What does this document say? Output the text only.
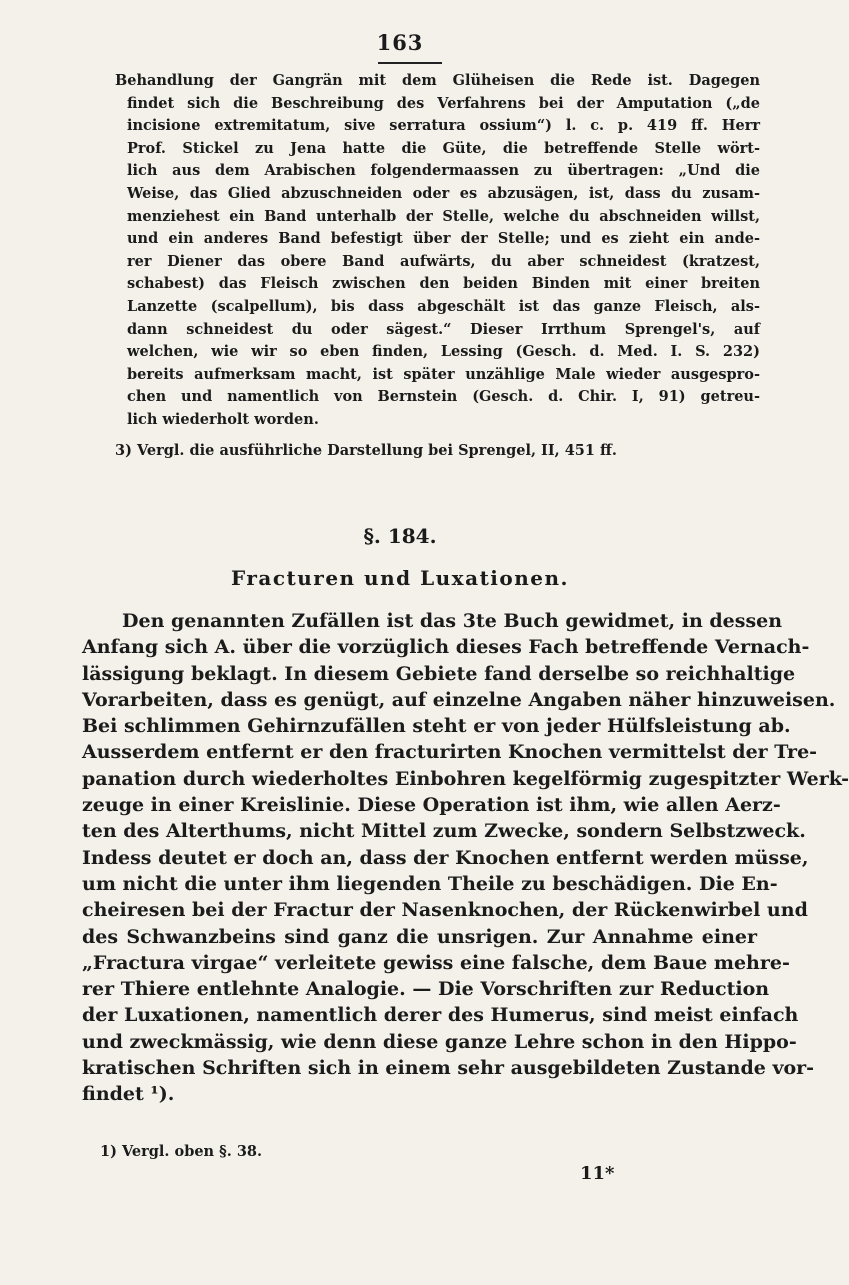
163
Behandlung der Gangrän mit dem Glüheisen die Rede ist. Dagegen
findet sich die Beschreibung des Verfahrens bei der Amputation („de
incisione extremitatum, sive serratura ossium“) l. c. p. 419 ff. Herr
Prof. Stickel zu Jena hatte die Güte, die betreffende Stelle wört-
lich aus dem Arabischen folgendermaassen zu übertragen: „Und die
Weise, das Glied abzuschneiden oder es abzusägen, ist, dass du zusam-
menziehest ein Band unterhalb der Stelle, welche du abschneiden willst,
und ein anderes Band befestigt über der Stelle; und es zieht ein ande-
rer Diener das obere Band aufwärts, du aber schneidest (kratzest,
schabest) das Fleisch zwischen den beiden Binden mit einer breiten
Lanzette (scalpellum), bis dass abgeschält ist das ganze Fleisch, als-
dann schneidest du oder sägest.“ Dieser Irrthum Sprengel's, auf
welchen, wie wir so eben finden, Lessing (Gesch. d. Med. I. S. 232)
bereits aufmerksam macht, ist später unzählige Male wieder ausgespro-
chen und namentlich von Bernstein (Gesch. d. Chir. I, 91) getreu-
lich wiederholt worden.
3) Vergl. die ausführliche Darstellung bei Sprengel, II, 451 ff.
§. 184.
Fracturen und Luxationen.
Den genannten Zufällen ist das 3te Buch gewidmet, in dessen
Anfang sich A. über die vorzüglich dieses Fach betreffende Vernach-
lässigung beklagt. In diesem Gebiete fand derselbe so reichhaltige
Vorarbeiten, dass es genügt, auf einzelne Angaben näher hinzuweisen.
Bei schlimmen Gehirnzufällen steht er von jeder Hülfsleistung ab.
Ausserdem entfernt er den fracturirten Knochen vermittelst der Tre-
panation durch wiederholtes Einbohren kegelförmig zugespitzter Werk-
zeuge in einer Kreislinie. Diese Operation ist ihm, wie allen Aerz-
ten des Alterthums, nicht Mittel zum Zwecke, sondern Selbstzweck.
Indess deutet er doch an, dass der Knochen entfernt werden müsse,
um nicht die unter ihm liegenden Theile zu beschädigen. Die En-
cheiresen bei der Fractur der Nasenknochen, der Rückenwirbel und
des Schwanzbeins sind ganz die unsrigen. Zur Annahme einer
„Fractura virgae“ verleitete gewiss eine falsche, dem Baue mehre-
rer Thiere entlehnte Analogie. — Die Vorschriften zur Reduction
der Luxationen, namentlich derer des Humerus, sind meist einfach
und zweckmässig, wie denn diese ganze Lehre schon in den Hippo-
kratischen Schriften sich in einem sehr ausgebildeten Zustande vor-
findet ¹).
1) Vergl. oben §. 38.
11*
